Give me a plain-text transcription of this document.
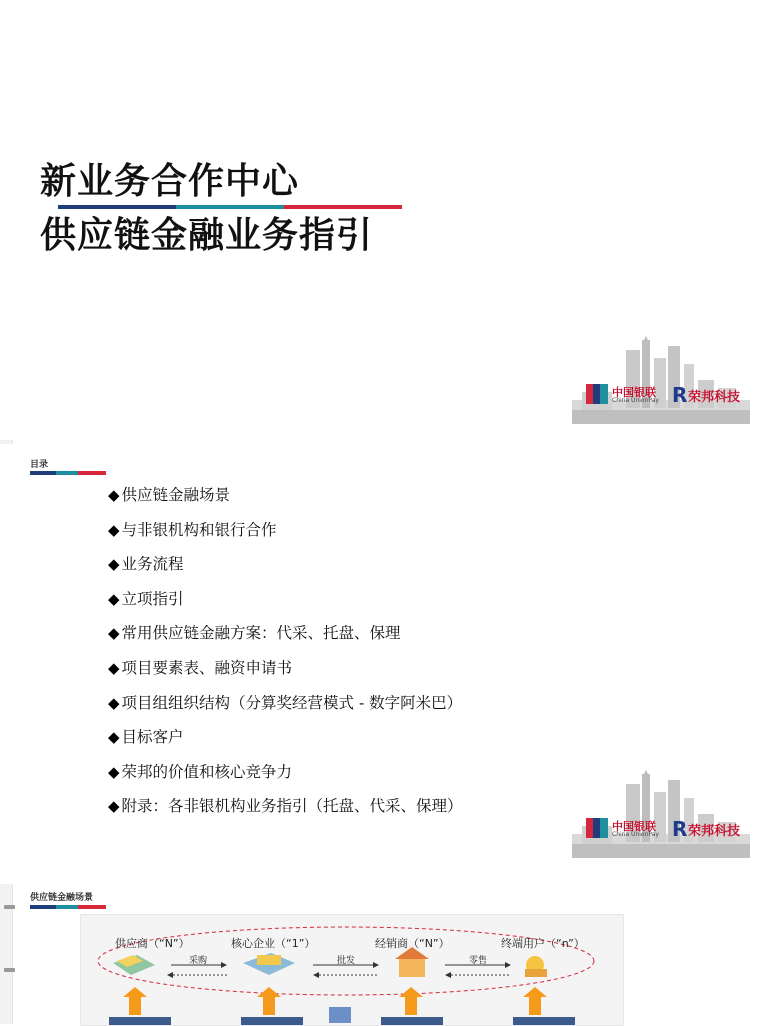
新业务合作中心
供应链金融业务指引
中国银联
China UnionPay R 荣邦科技
目录
◆ 供应链金融场景
◆ 与非银机构和银行合作
◆ 业务流程
◆ 立项指引
◆ 常用供应链金融方案：代采、托盘、保理
◆ 项目要素表、融资申请书
◆ 项目组组织结构（分算奖经营模式 - 数字阿米巴）
◆ 目标客户
◆ 荣邦的价值和核心竞争力
◆ 附录：各非银机构业务指引（托盘、代采、保理）
中国银联
China UnionPay R 荣邦科技
供应链金融场景
供应商（“N”）	核心企业（“1”）	经销商（“N”）	终端用户（“n”）
采购	批发	零售
